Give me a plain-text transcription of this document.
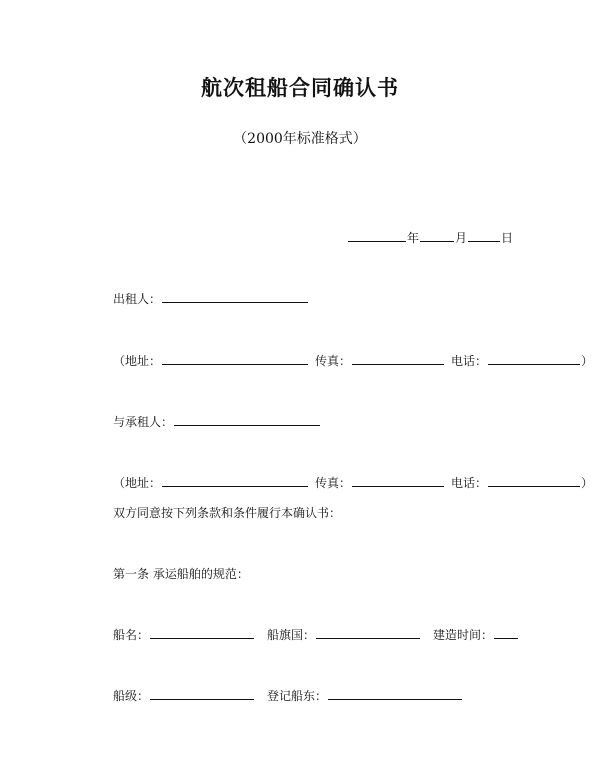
航次租船合同确认书
（2000年标准格式）
年	月	日
出租人：
（地址：	传真：	电话：	）
与承租人：
（地址：	传真：	电话：	）
双方同意按下列条款和条件履行本确认书：
第一条 承运船舶的规范：
船名：	船旗国：	建造时间：
船级：	登记船东：
